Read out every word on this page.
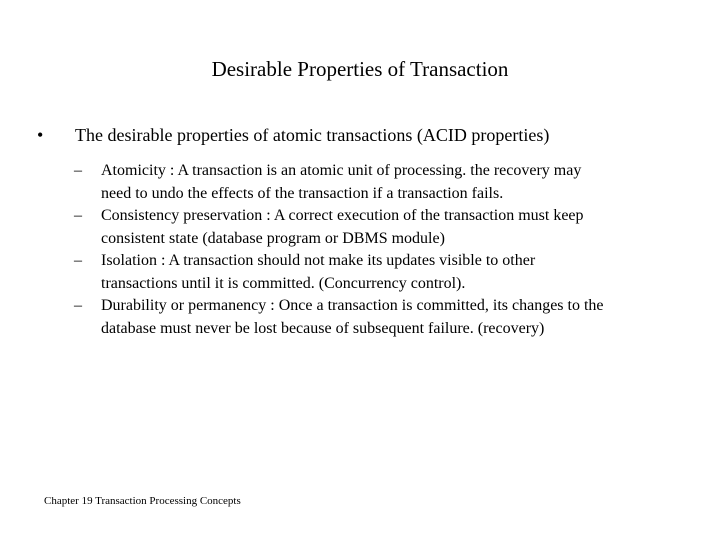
Desirable Properties of Transaction
• The desirable properties of atomic transactions (ACID properties)
– Atomicity : A transaction is an atomic unit of processing. the recovery may
need to undo the effects of the transaction if a transaction fails.
– Consistency preservation : A correct execution of the transaction must keep
consistent state (database program or DBMS module)
– Isolation : A transaction should not make its updates visible to other
transactions until it is committed. (Concurrency control).
– Durability or permanency : Once a transaction is committed, its changes to the
database must never be lost because of subsequent failure. (recovery)
Chapter 19 Transaction Processing Concepts
